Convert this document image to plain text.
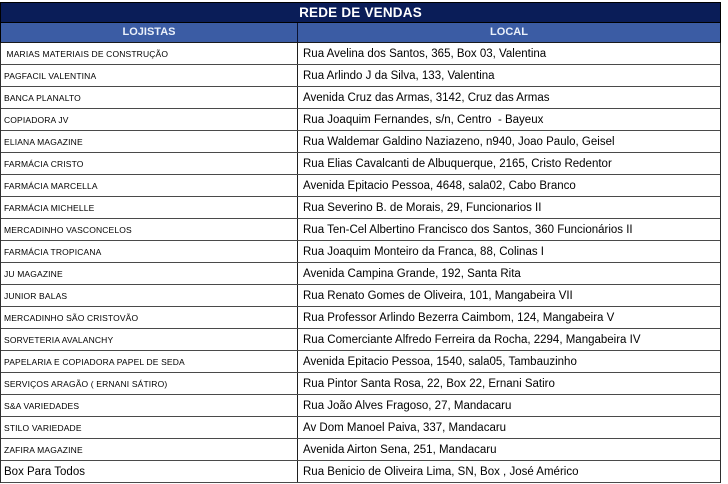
REDE DE VENDAS
LOJISTAS	LOCAL
MARIAS MATERIAIS DE CONSTRUÇÃO	Rua Avelina dos Santos, 365, Box 03, Valentina
PAGFACIL VALENTINA	Rua Arlindo J da Silva, 133, Valentina
BANCA PLANALTO	Avenida Cruz das Armas, 3142, Cruz das Armas
COPIADORA JV	Rua Joaquim Fernandes, s/n, Centro  - Bayeux
ELIANA MAGAZINE	Rua Waldemar Galdino Naziazeno, n940, Joao Paulo, Geisel
FARMÁCIA CRISTO	Rua Elias Cavalcanti de Albuquerque, 2165, Cristo Redentor
FARMÁCIA MARCELLA	Avenida Epitacio Pessoa, 4648, sala02, Cabo Branco
FARMÁCIA MICHELLE	Rua Severino B. de Morais, 29, Funcionarios II
MERCADINHO VASCONCELOS	Rua Ten-Cel Albertino Francisco dos Santos, 360 Funcionários II
FARMÁCIA TROPICANA	Rua Joaquim Monteiro da Franca, 88, Colinas I
JU MAGAZINE	Avenida Campina Grande, 192, Santa Rita
JUNIOR BALAS	Rua Renato Gomes de Oliveira, 101, Mangabeira VII
MERCADINHO SÃO CRISTOVÃO	Rua Professor Arlindo Bezerra Caimbom, 124, Mangabeira V
SORVETERIA AVALANCHY	Rua Comerciante Alfredo Ferreira da Rocha, 2294, Mangabeira IV
PAPELARIA E COPIADORA PAPEL DE SEDA	Avenida Epitacio Pessoa, 1540, sala05, Tambauzinho
SERVIÇOS ARAGÃO ( ERNANI SÁTIRO)	Rua Pintor Santa Rosa, 22, Box 22, Ernani Satiro
S&A VARIEDADES	Rua João Alves Fragoso, 27, Mandacaru
STILO VARIEDADE	Av Dom Manoel Paiva, 337, Mandacaru
ZAFIRA MAGAZINE	Avenida Airton Sena, 251, Mandacaru
Box Para Todos	Rua Benicio de Oliveira Lima, SN, Box , José Américo
